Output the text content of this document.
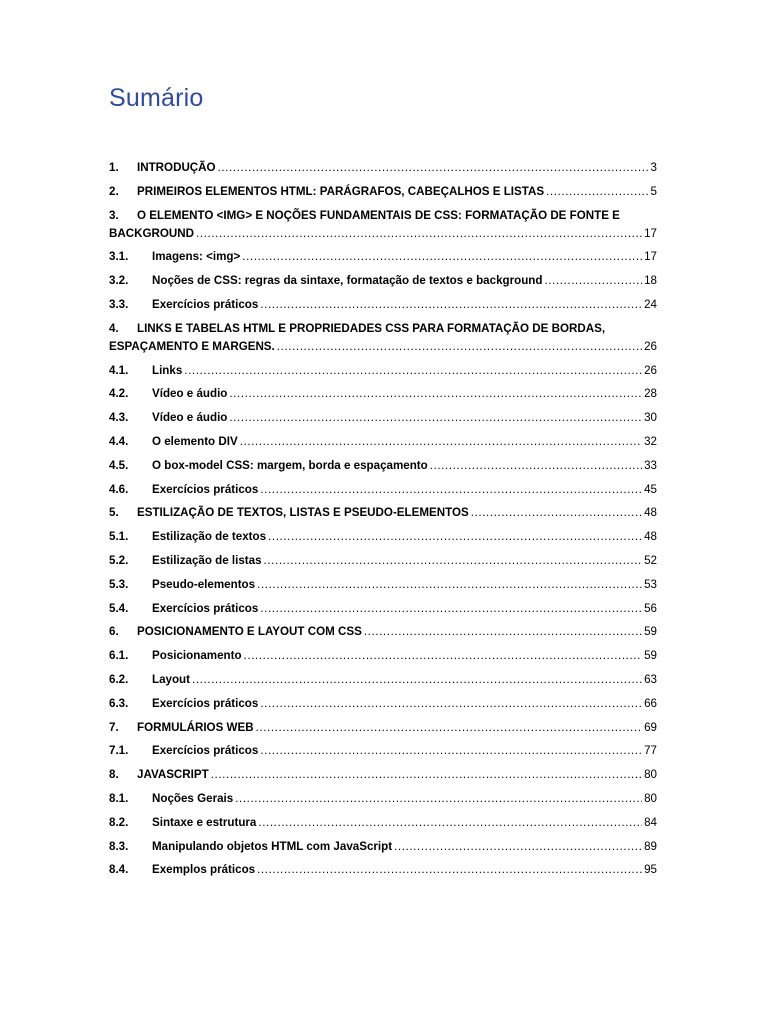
Sumário
1.	INTRODUÇÃO .....	3
2.	PRIMEIROS ELEMENTOS HTML: PARÁGRAFOS, CABEÇALHOS E LISTAS .....	5
3. O ELEMENTO <IMG> E NOÇÕES FUNDAMENTAIS DE CSS: FORMATAÇÃO DE FONTE E
BACKGROUND .....	17
3.1.	Imagens: <img> .....	17
3.2.	Noções de CSS: regras da sintaxe, formatação de textos e background .....	18
3.3.	Exercícios práticos .....	24
4. LINKS E TABELAS HTML E PROPRIEDADES CSS PARA FORMATAÇÃO DE BORDAS,
ESPAÇAMENTO E MARGENS. .....	26
4.1.	Links .....	26
4.2.	Vídeo e áudio .....	28
4.3.	Vídeo e áudio .....	30
4.4.	O elemento DIV .....	32
4.5.	O box-model CSS: margem, borda e espaçamento .....	33
4.6.	Exercícios práticos .....	45
5.	ESTILIZAÇÃO DE TEXTOS, LISTAS E PSEUDO-ELEMENTOS .....	48
5.1.	Estilização de textos .....	48
5.2.	Estilização de listas .....	52
5.3.	Pseudo-elementos .....	53
5.4.	Exercícios práticos .....	56
6.	POSICIONAMENTO E LAYOUT COM CSS .....	59
6.1.	Posicionamento .....	59
6.2.	Layout .....	63
6.3.	Exercícios práticos .....	66
7.	FORMULÁRIOS WEB .....	69
7.1.	Exercícios práticos .....	77
8.	JAVASCRIPT .....	80
8.1.	Noções Gerais .....	80
8.2.	Sintaxe e estrutura .....	84
8.3.	Manipulando objetos HTML com JavaScript .....	89
8.4.	Exemplos práticos .....	95
